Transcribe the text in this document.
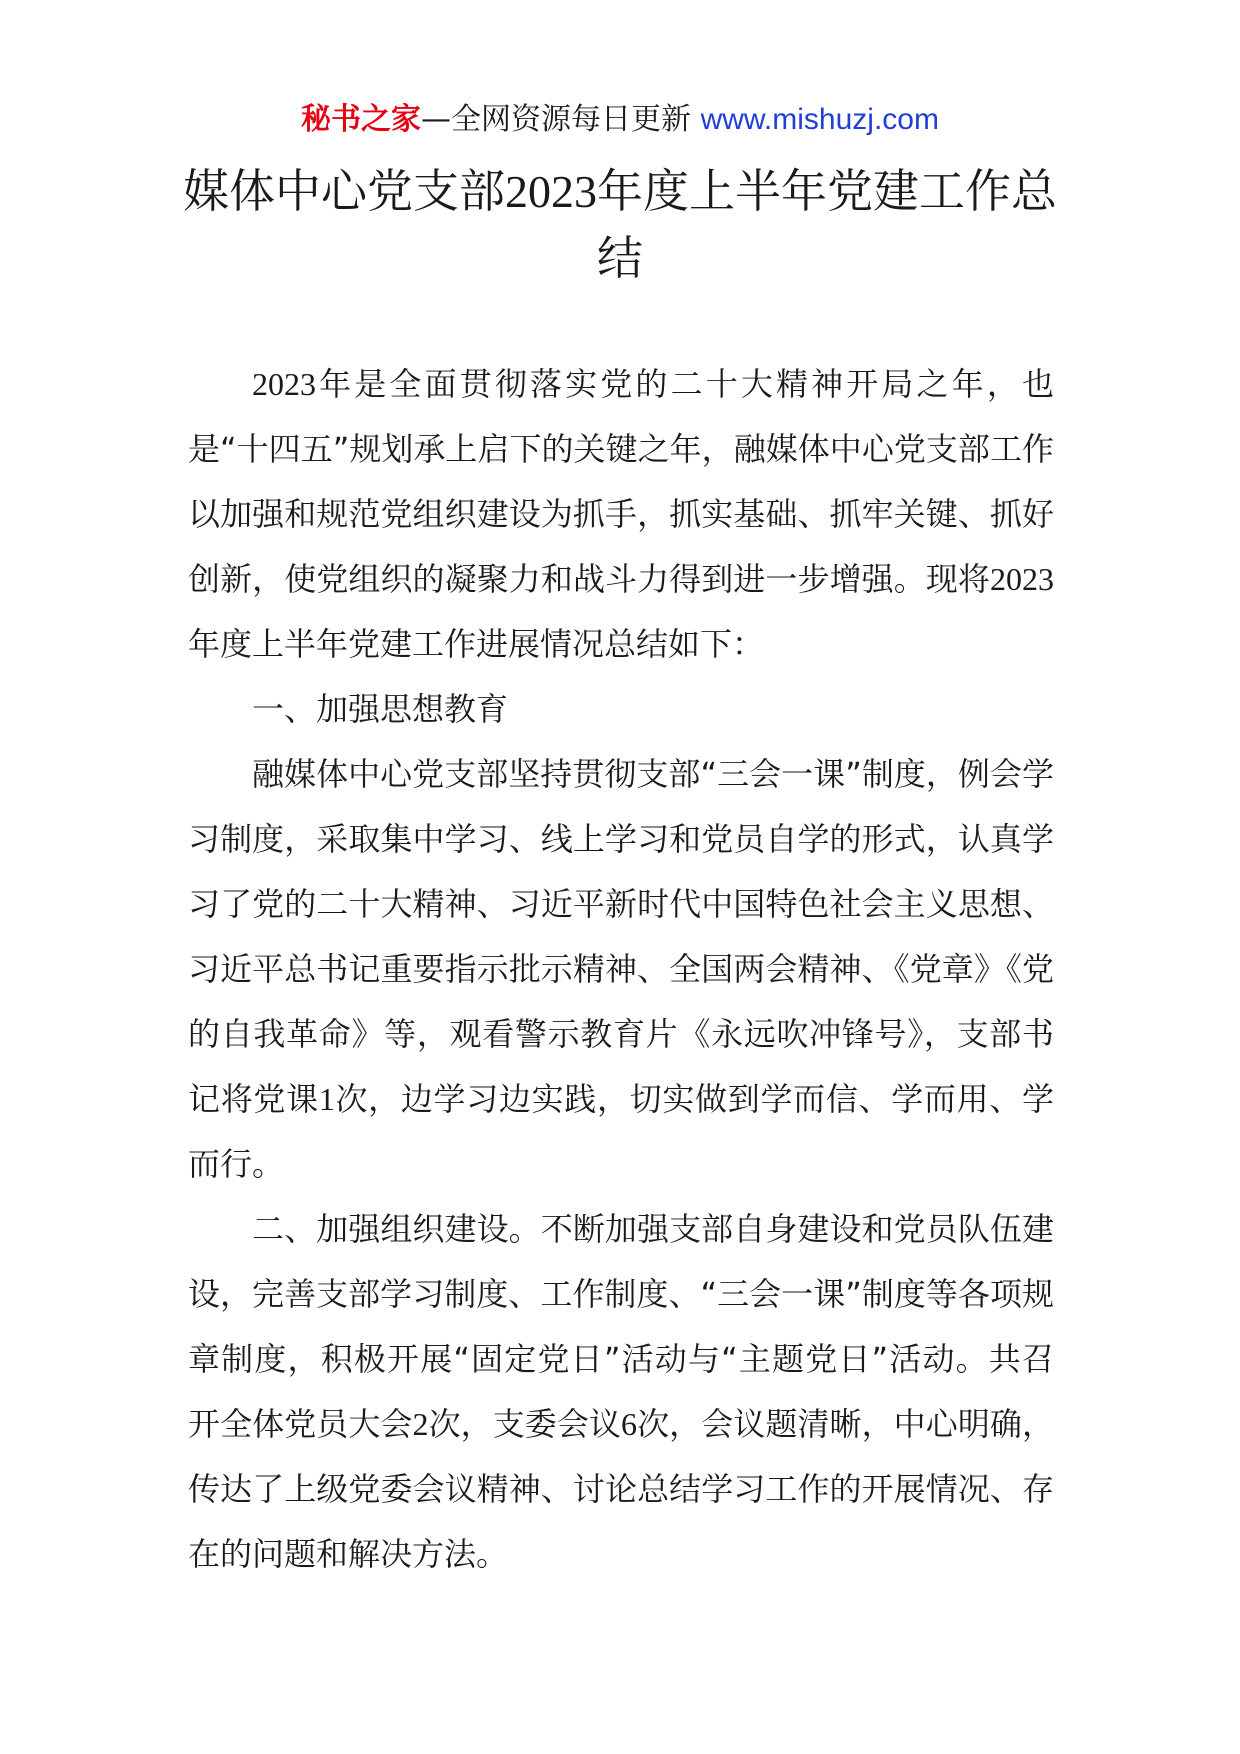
秘书之家—全网资源每日更新 www.mishuzj.com
媒体中心党支部2023年度上半年党建工作总结

2023年是全面贯彻落实党的二十大精神开局之年，也是“十四五”规划承上启下的关键之年，融媒体中心党支部工作以加强和规范党组织建设为抓手，抓实基础、抓牢关键、抓好创新，使党组织的凝聚力和战斗力得到进一步增强。现将2023年度上半年党建工作进展情况总结如下：

一、加强思想教育

融媒体中心党支部坚持贯彻支部“三会一课”制度，例会学习制度，采取集中学习、线上学习和党员自学的形式，认真学习了党的二十大精神、习近平新时代中国特色社会主义思想、习近平总书记重要指示批示精神、全国两会精神、《党章》《党的自我革命》等，观看警示教育片《永远吹冲锋号》，支部书记将党课1次，边学习边实践，切实做到学而信、学而用、学而行。

二、加强组织建设。不断加强支部自身建设和党员队伍建设，完善支部学习制度、工作制度、“三会一课”制度等各项规章制度，积极开展“固定党日”活动与“主题党日”活动。共召开全体党员大会2次，支委会议6次，会议题清晰，中心明确，传达了上级党委会议精神、讨论总结学习工作的开展情况、存在的问题和解决方法。
